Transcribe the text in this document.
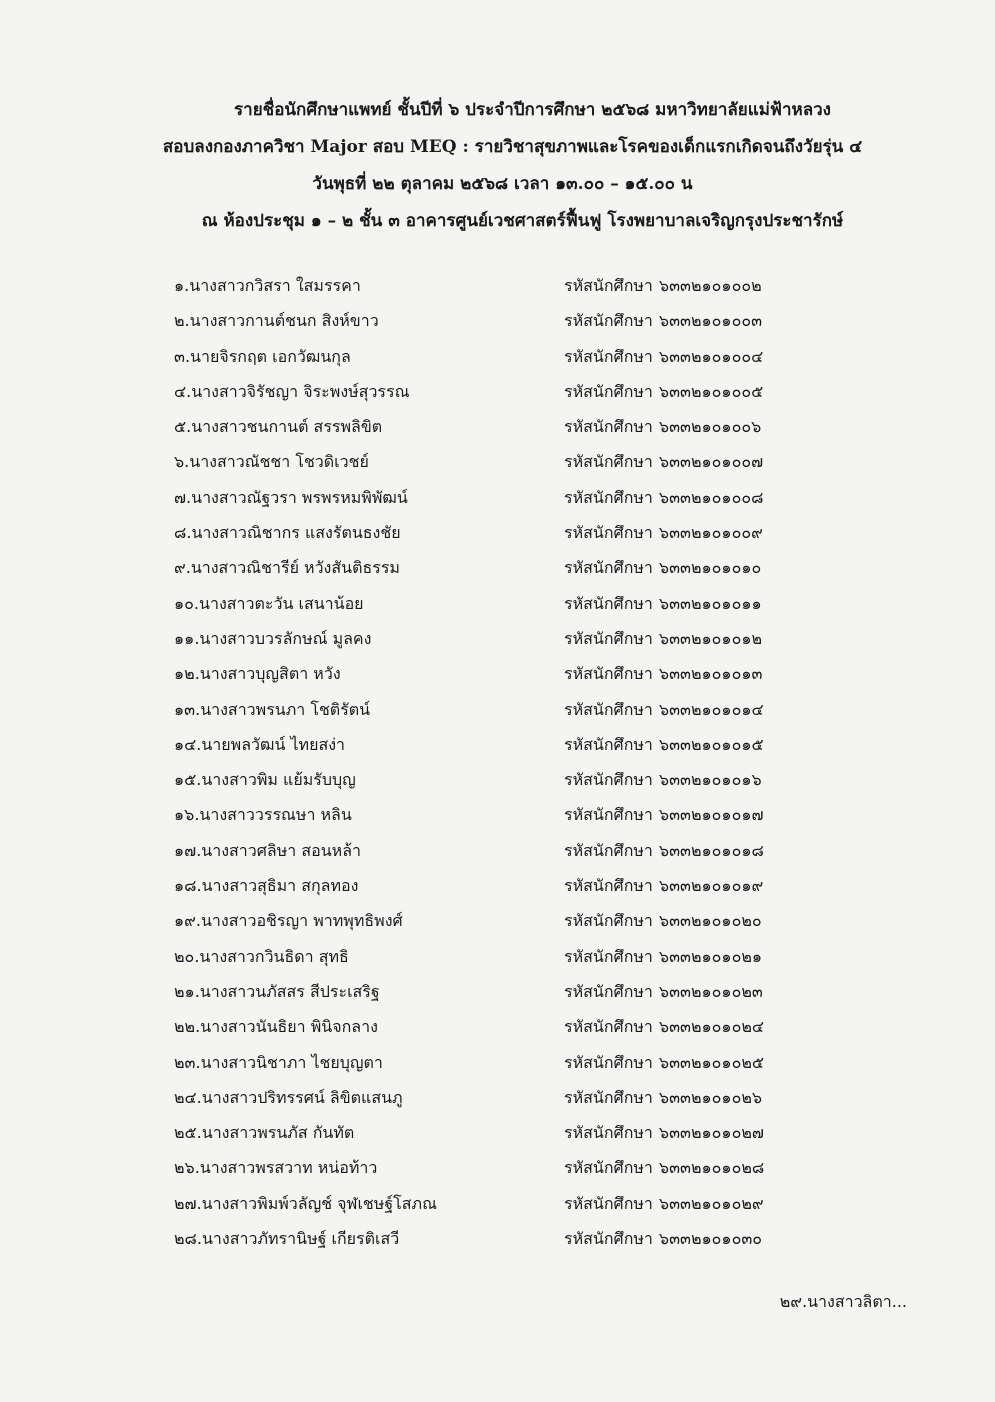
รายชื่อนักศึกษาแพทย์ ชั้นปีที่ ๖ ประจำปีการศึกษา ๒๕๖๘ มหาวิทยาลัยแม่ฟ้าหลวง
สอบลงกองภาควิชา Major สอบ MEQ : รายวิชาสุขภาพและโรคของเด็กแรกเกิดจนถึงวัยรุ่น ๔
วันพุธที่ ๒๒ ตุลาคม ๒๕๖๘ เวลา ๑๓.๐๐ – ๑๕.๐๐ น
ณ ห้องประชุม ๑ – ๒ ชั้น ๓ อาคารศูนย์เวชศาสตร์ฟื้นฟู โรงพยาบาลเจริญกรุงประชารักษ์
๑.นางสาวกวิสรา ใสมรรคา	รหัสนักศึกษา ๖๓๓๒๑๐๑๐๐๒
๒.นางสาวกานต์ชนก สิงห์ขาว	รหัสนักศึกษา ๖๓๓๒๑๐๑๐๐๓
๓.นายจิรกฤต เอกวัฒนกุล	รหัสนักศึกษา ๖๓๓๒๑๐๑๐๐๔
๔.นางสาวจิรัชญา จิระพงษ์สุวรรณ	รหัสนักศึกษา ๖๓๓๒๑๐๑๐๐๕
๕.นางสาวชนกานต์ สรรพลิขิต	รหัสนักศึกษา ๖๓๓๒๑๐๑๐๐๖
๖.นางสาวณัชชา โชวดิเวชย์	รหัสนักศึกษา ๖๓๓๒๑๐๑๐๐๗
๗.นางสาวณัฐวรา พรพรหมพิพัฒน์	รหัสนักศึกษา ๖๓๓๒๑๐๑๐๐๘
๘.นางสาวณิชากร แสงรัตนธงชัย	รหัสนักศึกษา ๖๓๓๒๑๐๑๐๐๙
๙.นางสาวณิชารีย์ หวังสันติธรรม	รหัสนักศึกษา ๖๓๓๒๑๐๑๐๑๐
๑๐.นางสาวตะวัน เสนาน้อย	รหัสนักศึกษา ๖๓๓๒๑๐๑๐๑๑
๑๑.นางสาวบวรลักษณ์ มูลคง	รหัสนักศึกษา ๖๓๓๒๑๐๑๐๑๒
๑๒.นางสาวบุญสิตา หวัง	รหัสนักศึกษา ๖๓๓๒๑๐๑๐๑๓
๑๓.นางสาวพรนภา โชติรัตน์	รหัสนักศึกษา ๖๓๓๒๑๐๑๐๑๔
๑๔.นายพลวัฒน์ ไทยสง่า	รหัสนักศึกษา ๖๓๓๒๑๐๑๐๑๕
๑๕.นางสาวพิม แย้มรับบุญ	รหัสนักศึกษา ๖๓๓๒๑๐๑๐๑๖
๑๖.นางสาววรรณษา หลิน	รหัสนักศึกษา ๖๓๓๒๑๐๑๐๑๗
๑๗.นางสาวศลิษา สอนหล้า	รหัสนักศึกษา ๖๓๓๒๑๐๑๐๑๘
๑๘.นางสาวสุธิมา สกุลทอง	รหัสนักศึกษา ๖๓๓๒๑๐๑๐๑๙
๑๙.นางสาวอชิรญา พาทพุทธิพงศ์	รหัสนักศึกษา ๖๓๓๒๑๐๑๐๒๐
๒๐.นางสาวกวินธิดา สุทธิ	รหัสนักศึกษา ๖๓๓๒๑๐๑๐๒๑
๒๑.นางสาวนภัสสร สีประเสริฐ	รหัสนักศึกษา ๖๓๓๒๑๐๑๐๒๓
๒๒.นางสาวนันธิยา พินิจกลาง	รหัสนักศึกษา ๖๓๓๒๑๐๑๐๒๔
๒๓.นางสาวนิชาภา ไชยบุญตา	รหัสนักศึกษา ๖๓๓๒๑๐๑๐๒๕
๒๔.นางสาวปริทรรศน์ ลิขิตแสนภู	รหัสนักศึกษา ๖๓๓๒๑๐๑๐๒๖
๒๕.นางสาวพรนภัส กันทัต	รหัสนักศึกษา ๖๓๓๒๑๐๑๐๒๗
๒๖.นางสาวพรสวาท หน่อท้าว	รหัสนักศึกษา ๖๓๓๒๑๐๑๐๒๘
๒๗.นางสาวพิมพ์วลัญช์ จุฬเชษฐ์โสภณ	รหัสนักศึกษา ๖๓๓๒๑๐๑๐๒๙
๒๘.นางสาวภัทรานิษฐ์ เกียรติเสวี	รหัสนักศึกษา ๖๓๓๒๑๐๑๐๓๐
๒๙.นางสาวลิตา...
